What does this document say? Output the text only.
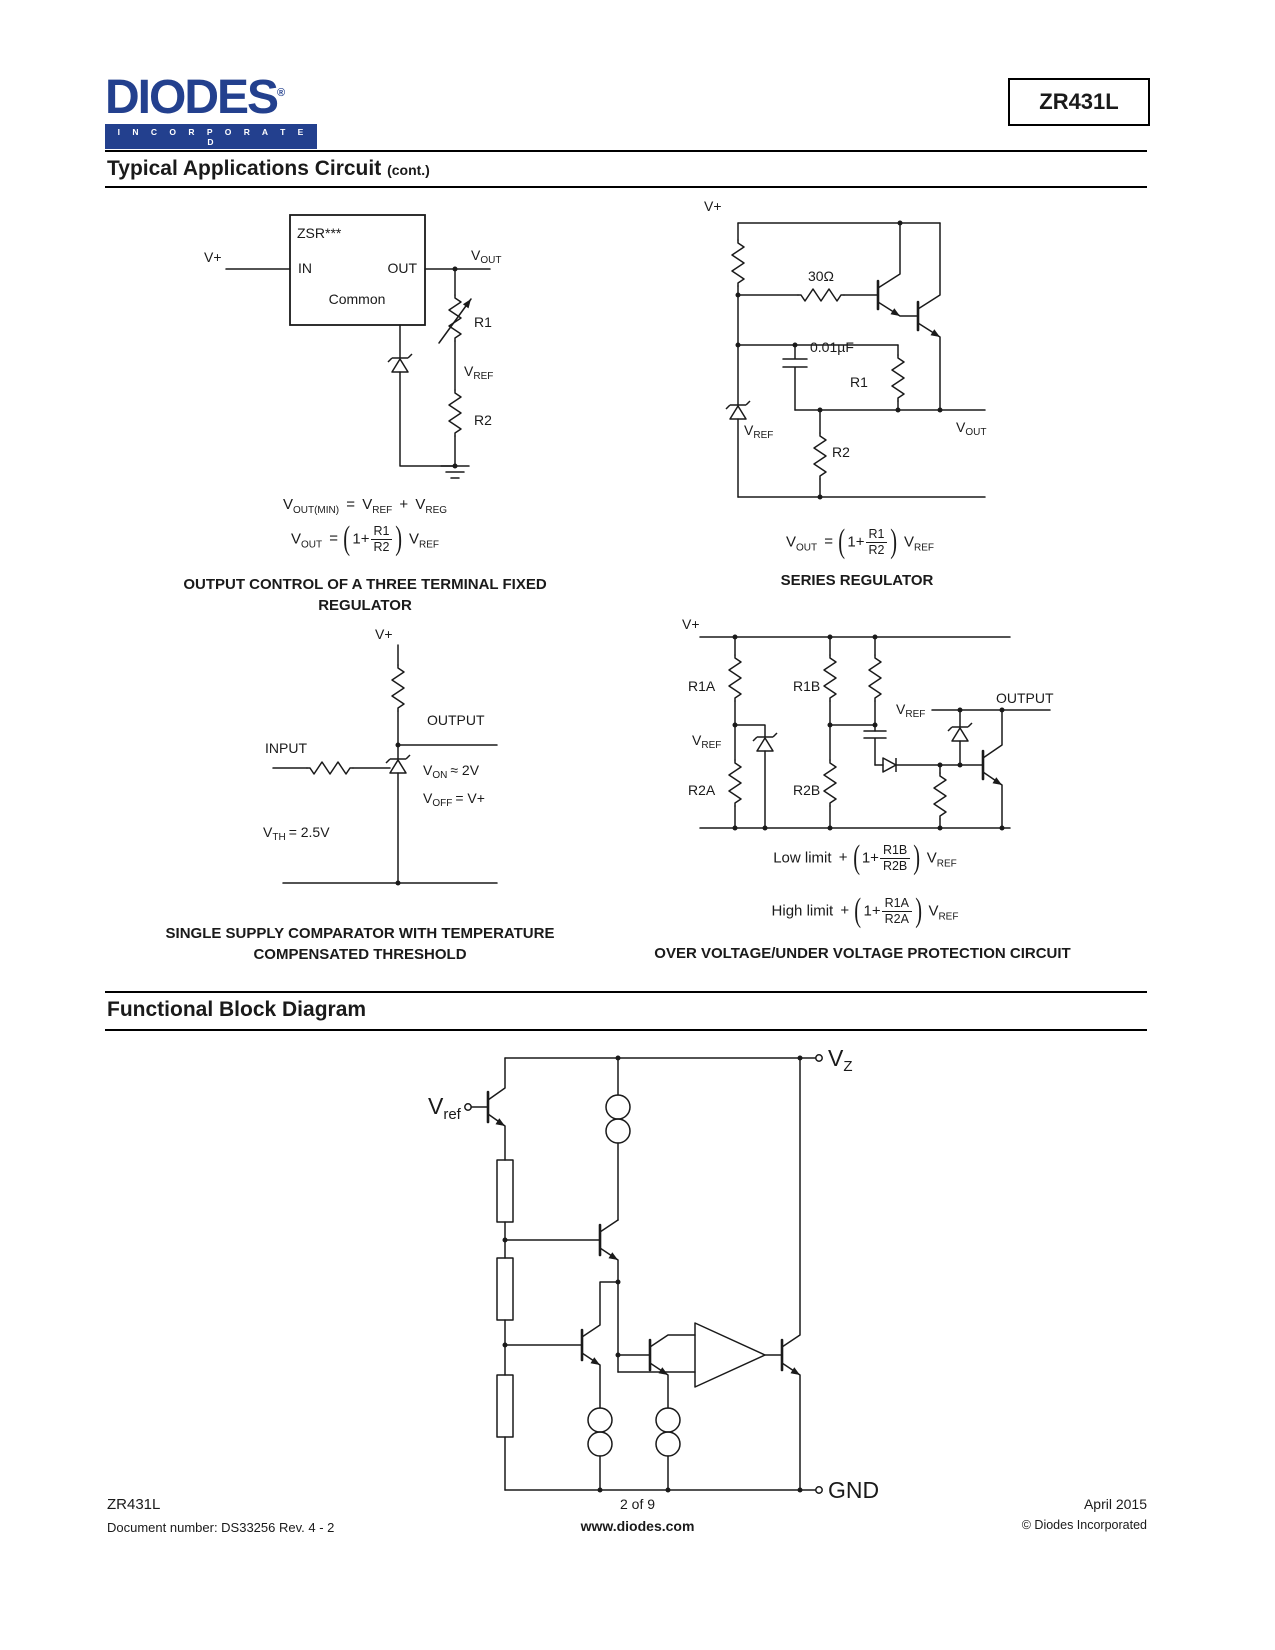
DIODES®
I N C O R P O R A T E D
ZR431L
Typical Applications Circuit (cont.)
ZSR***
IN	OUT
Common
V+	$V_{OUT}$
R1
$V_{REF}$
R2
$V_{OUT(MIN)} = V_{REF} + V_{REG}$
$V_{OUT}$ = ( $1+ \frac{R1}{R2}$ ) $V_{REF}$
OUTPUT CONTROL OF A THREE TERMINAL FIXED
REGULATOR
V+
30Ω
0.01µF
R1
$V_{REF}$
R2
$V_{OUT}$
$V_{OUT}$ = ( $1+ \frac{R1}{R2}$ ) $V_{REF}$
SERIES REGULATOR
V+
OUTPUT
INPUT
$V_{ON} \approx 2V$
$V_{OFF} = V+$
$V_{TH} = 2.5V$
SINGLE SUPPLY COMPARATOR WITH TEMPERATURE
COMPENSATED THRESHOLD
V+
R1A	R1B
$V_{REF}$
$V_{REF}$
OUTPUT
R2A	R2B
Low limit + ( $1+ \frac{R1B}{R2B}$ ) $V_{REF}$
High limit + ( $1+ \frac{R1A}{R2A}$ ) $V_{REF}$
OVER VOLTAGE/UNDER VOLTAGE PROTECTION CIRCUIT
Functional Block Diagram
$V_Z$
$V_{ref}$
GND
ZR431L
Document number: DS33256 Rev. 4 - 2
2 of 9
www.diodes.com
April 2015
© Diodes Incorporated
